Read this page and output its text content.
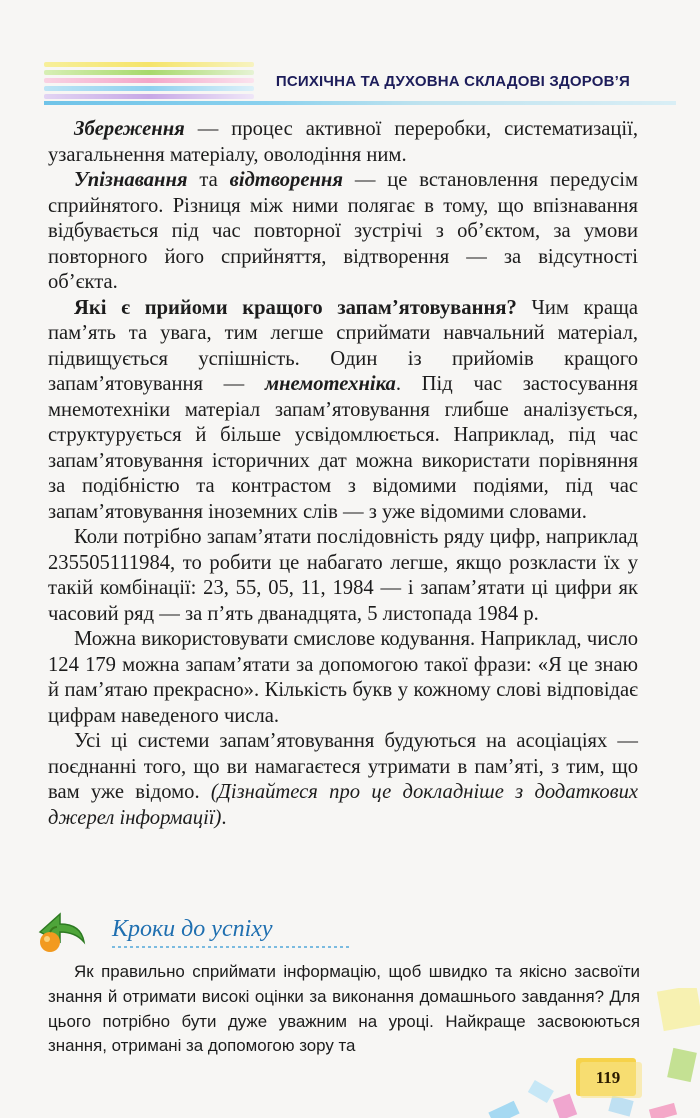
ПСИХІЧНА ТА ДУХОВНА СКЛАДОВІ ЗДОРОВ’Я

Збереження — процес активної переробки, систематизації, узагальнення матеріалу, оволодіння ним.

Упізнавання та відтворення — це встановлення передусім сприйнятого. Різниця між ними полягає в тому, що впізнавання відбувається під час повторної зустрічі з об’єктом, за умови повторного його сприйняття, відтворення — за відсутності об’єкта.

Які є прийоми кращого запам’ятовування? Чим краща пам’ять та увага, тим легше сприймати навчальний матеріал, підвищується успішність. Один із прийомів кращого запам’ятовування — мнемотехніка. Під час застосування мнемотехніки матеріал запам’ятовування глибше аналізується, структурується й більше усвідомлюється. Наприклад, під час запам’ятовування історичних дат можна використати порівняння за подібністю та контрастом з відомими подіями, під час запам’ятовування іноземних слів — з уже відомими словами.

Коли потрібно запам’ятати послідовність ряду цифр, наприклад 235505111984, то робити це набагато легше, якщо розкласти їх у такій комбінації: 23, 55, 05, 11, 1984 — і запам’ятати ці цифри як часовий ряд — за п’ять дванадцята, 5 листопада 1984 р.

Можна використовувати смислове кодування. Наприклад, число 124 179 можна запам’ятати за допомогою такої фрази: «Я це знаю й пам’ятаю прекрасно». Кількість букв у кожному слові відповідає цифрам наведеного числа.

Усі ці системи запам’ятовування будуються на асоціаціях — поєднанні того, що ви намагаєтеся утримати в пам’яті, з тим, що вам уже відомо. (Дізнайтеся про це докладніше з додаткових джерел інформації).

Кроки до успіху

Як правильно сприймати інформацію, щоб швидко та якісно засвоїти знання й отримати високі оцінки за виконання домашнього завдання? Для цього потрібно бути дуже уважним на уроці. Найкраще засвоюються знання, отримані за допомогою зору та

119
